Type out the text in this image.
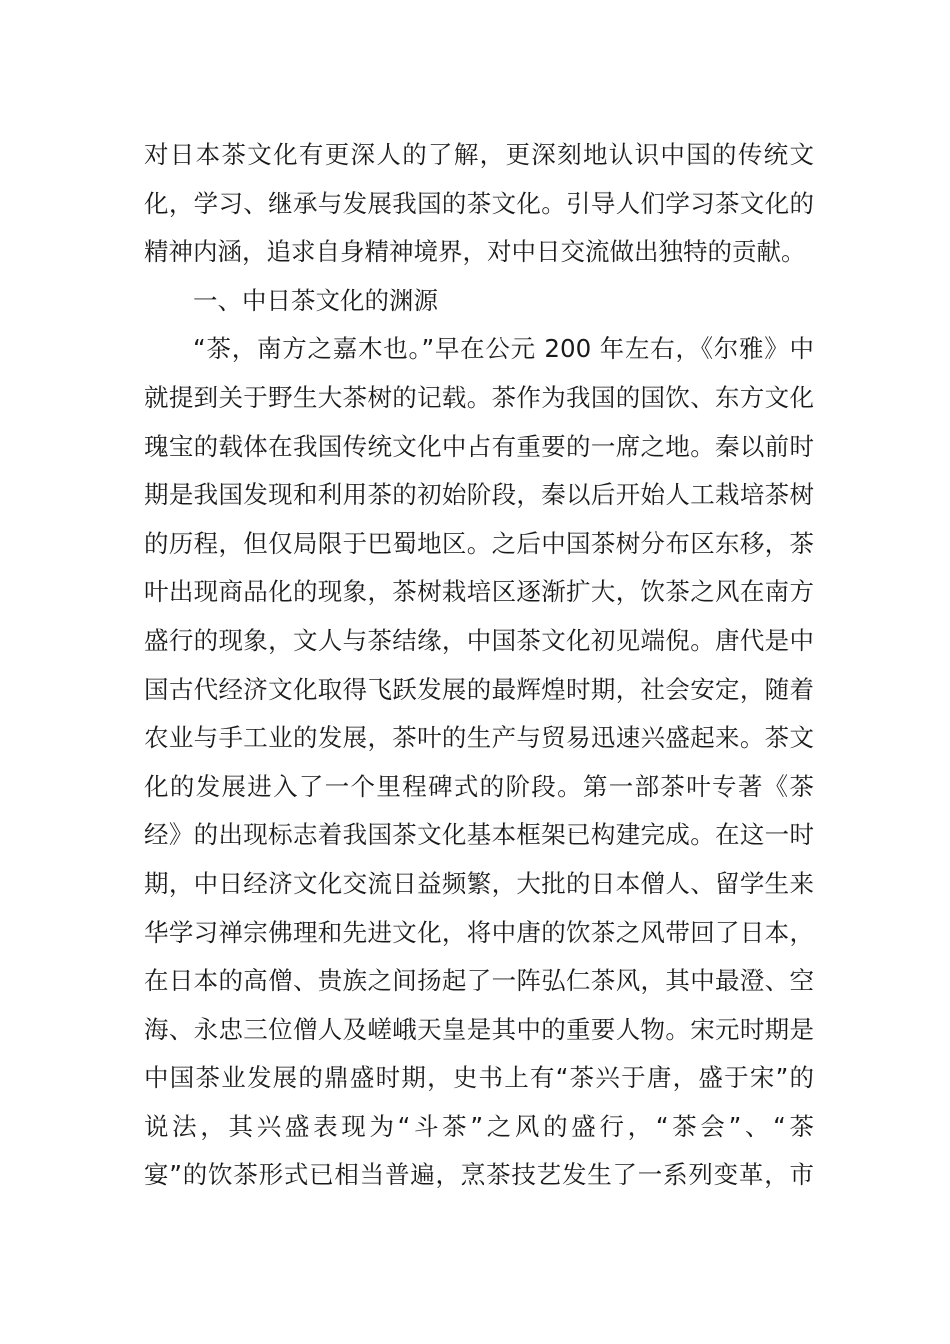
对日本茶文化有更深人的了解，更深刻地认识中国的传统文
化，学习、继承与发展我国的茶文化。引导人们学习茶文化的
精神内涵，追求自身精神境界，对中日交流做出独特的贡献。
一、中日茶文化的渊源
“茶，南方之嘉木也。”早在公元 200 年左右，《尔雅》中
就提到关于野生大茶树的记载。茶作为我国的国饮、东方文化
瑰宝的载体在我国传统文化中占有重要的一席之地。秦以前时
期是我国发现和利用茶的初始阶段，秦以后开始人工栽培茶树
的历程，但仅局限于巴蜀地区。之后中国茶树分布区东移，茶
叶出现商品化的现象，茶树栽培区逐渐扩大，饮茶之风在南方
盛行的现象，文人与茶结缘，中国茶文化初见端倪。唐代是中
国古代经济文化取得飞跃发展的最辉煌时期，社会安定，随着
农业与手工业的发展，茶叶的生产与贸易迅速兴盛起来。茶文
化的发展进入了一个里程碑式的阶段。第一部茶叶专著《茶
经》的出现标志着我国茶文化基本框架已构建完成。在这一时
期，中日经济文化交流日益频繁，大批的日本僧人、留学生来
华学习禅宗佛理和先进文化，将中唐的饮茶之风带回了日本，
在日本的高僧、贵族之间扬起了一阵弘仁茶风，其中最澄、空
海、永忠三位僧人及嵯峨天皇是其中的重要人物。宋元时期是
中国茶业发展的鼎盛时期，史书上有“茶兴于唐，盛于宋”的
说法，其兴盛表现为“斗茶”之风的盛行，“茶会”、“茶
宴”的饮茶形式已相当普遍，烹茶技艺发生了一系列变革，市
